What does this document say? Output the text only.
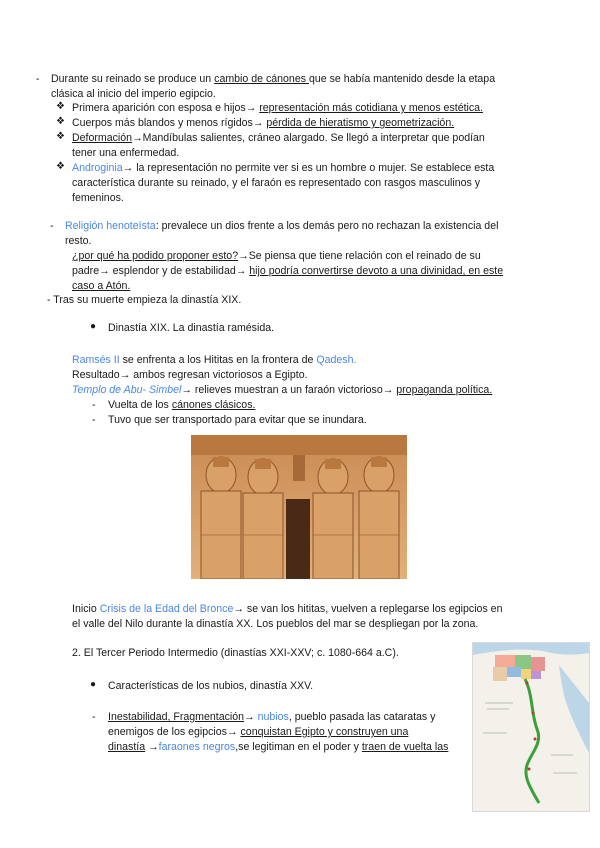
- Durante su reinado se produce un cambio de cánones que se había mantenido desde la etapa
clásica al inicio del imperio egipcio.
❖ Primera aparición con esposa e hijos→ representación más cotidiana y menos estética.
❖ Cuerpos más blandos y menos rígidos→ pérdida de hieratismo y geometrización.
❖ Deformación→Mandíbulas salientes, cráneo alargado. Se llegó a interpretar que podían
tener una enfermedad.
❖ Androginia→ la representación no permite ver si es un hombre o mujer. Se establece esta
característica durante su reinado, y el faraón es representado con rasgos masculinos y
femeninos.
- Religión henoteísta: prevalece un dios frente a los demás pero no rechazan la existencia del
resto.
¿por qué ha podido proponer esto?→Se piensa que tiene relación con el reinado de su
padre→ esplendor y de estabilidad→ hijo podría convertirse devoto a una divinidad, en este
caso a Atón.
- Tras su muerte empieza la dinastía XIX.
● Dinastía XIX. La dinastía ramésida.
Ramsés II se enfrenta a los Hititas en la frontera de Qadesh.
Resultado→ ambos regresan victoriosos a Egipto.
Templo de Abu- Simbel→ relieves muestran a un faraón victorioso→ propaganda política.
- Vuelta de los cánones clásicos.
- Tuvo que ser transportado para evitar que se inundara.
Inicio Crisis de la Edad del Bronce→ se van los hititas, vuelven a replegarse los egipcios en
el valle del Nilo durante la dinastía XX. Los pueblos del mar se despliegan por la zona.
2. El Tercer Periodo Intermedio (dinastías XXI-XXV; c. 1080-664 a.C).
● Características de los nubios, dinastía XXV.
- Inestabilidad, Fragmentación→ nubios, pueblo pasada las cataratas y
enemigos de los egipcios→ conquistan Egipto y construyen una
dinastía →faraones negros,se legitiman en el poder y traen de vuelta las
